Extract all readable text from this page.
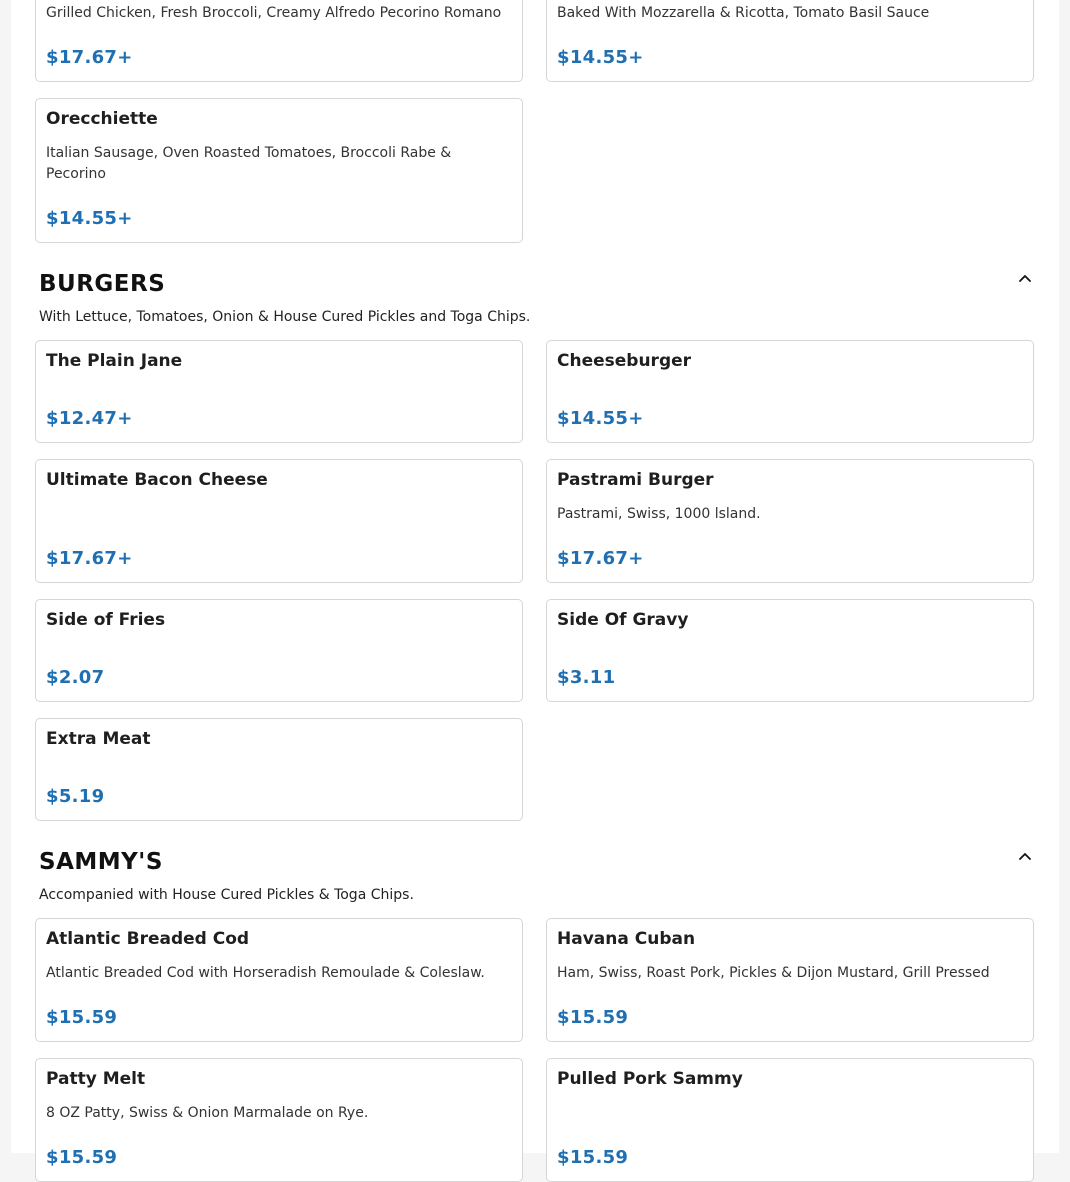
Grilled Chicken, Fresh Broccoli, Creamy Alfredo Pecorino Romano
$17.67+
Baked With Mozzarella & Ricotta, Tomato Basil Sauce
$14.55+
Orecchiette
Italian Sausage, Oven Roasted Tomatoes, Broccoli Rabe & Pecorino
$14.55+
BURGERS
With Lettuce, Tomatoes, Onion & House Cured Pickles and Toga Chips.
The Plain Jane
$12.47+
Cheeseburger
$14.55+
Ultimate Bacon Cheese
$17.67+
Pastrami Burger
Pastrami, Swiss, 1000 lsland.
$17.67+
Side of Fries
$2.07
Side Of Gravy
$3.11
Extra Meat
$5.19
SAMMY'S
Accompanied with House Cured Pickles & Toga Chips.
Atlantic Breaded Cod
Atlantic Breaded Cod with Horseradish Remoulade & Coleslaw.
$15.59
Havana Cuban
Ham, Swiss, Roast Pork, Pickles & Dijon Mustard, Grill Pressed
$15.59
Patty Melt
8 OZ Patty, Swiss & Onion Marmalade on Rye.
$15.59
Pulled Pork Sammy
$15.59
